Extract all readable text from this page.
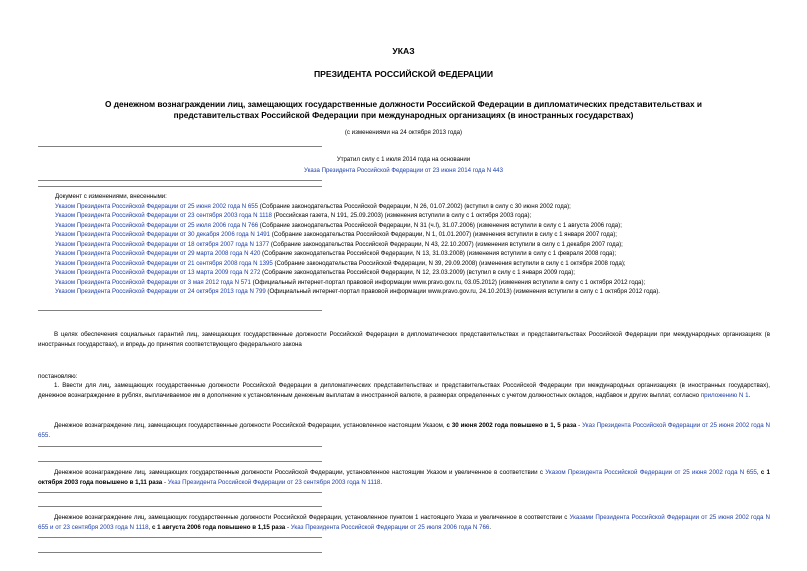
УКАЗ
ПРЕЗИДЕНТА РОССИЙСКОЙ ФЕДЕРАЦИИ
О денежном вознаграждении лиц, замещающих государственные должности Российской Федерации в дипломатических представительствах и
представительствах Российской Федерации при международных организациях (в иностранных государствах)
(с изменениями на 24 октября 2013 года)
Утратил силу с 1 июля 2014 года на основании
Указа Президента Российской Федерации от 23 июня 2014 года N 443
Документ с изменениями, внесенными:
Указом Президента Российской Федерации от 25 июня 2002 года N 655 (Собрание законодательства Российской Федерации, N 26, 01.07.2002) (вступил в силу с 30 июня 2002 года);
Указом Президента Российской Федерации от 23 сентября 2003 года N 1118 (Российская газета, N 191, 25.09.2003) (изменения вступили в силу с 1 октября 2003 года);
Указом Президента Российской Федерации от 25 июля 2006 года N 766 (Собрание законодательства Российской Федерации, N 31 (ч.I), 31.07.2006) (изменения вступили в силу с 1 августа 2006 года);
Указом Президента Российской Федерации от 30 декабря 2006 года N 1491 (Собрание законодательства Российской Федерации, N 1, 01.01.2007) (изменения вступили в силу с 1 января 2007 года);
Указом Президента Российской Федерации от 18 октября 2007 года N 1377 (Собрание законодательства Российской Федерации, N 43, 22.10.2007) (изменения вступили в силу с 1 декабря 2007 года);
Указом Президента Российской Федерации от 29 марта 2008 года N 420 (Собрание законодательства Российской Федерации, N 13, 31.03.2008) (изменения вступили в силу с 1 февраля 2008 года);
Указом Президента Российской Федерации от 21 сентября 2008 года N 1395 (Собрание законодательства Российской Федерации, N 39, 29.09.2008) (изменения вступили в силу с 1 октября 2008 года);
Указом Президента Российской Федерации от 13 марта 2009 года N 272 (Собрание законодательства Российской Федерации, N 12, 23.03.2009) (вступил в силу с 1 января 2009 года);
Указом Президента Российской Федерации от 3 мая 2012 года N 571 (Официальный интернет-портал правовой информации www.pravo.gov.ru, 03.05.2012) (изменения вступили в силу с 1 октября 2012 года);
Указом Президента Российской Федерации от 24 октября 2013 года N 799 (Официальный интернет-портал правовой информации www.pravo.gov.ru, 24.10.2013) (изменения вступили в силу с 1 октября 2012 года).
В целях обеспечения социальных гарантий лиц, замещающих государственные должности Российской Федерации в дипломатических представительствах и представительствах Российской Федерации при международных организациях (в иностранных государствах), и впредь до принятия соответствующего федерального закона
постановляю:
1. Ввести для лиц, замещающих государственные должности Российской Федерации в дипломатических представительствах и представительствах Российской Федерации при международных организациях (в иностранных государствах), денежное вознаграждение в рублях, выплачиваемое им в дополнение к установленным денежным выплатам в иностранной валюте, в размерах определенных с учетом должностных окладов, надбавок и других выплат, согласно приложению N 1.
Денежное вознаграждение лиц, замещающих государственные должности Российской Федерации, установленное настоящим Указом, с 30 июня 2002 года повышено в 1, 5 раза - Указ Президента Российской Федерации от 25 июня 2002 года N 655.
Денежное вознаграждение лиц, замещающих государственные должности Российской Федерации, установленное настоящим Указом и увеличенное в соответствии с Указом Президента Российской Федерации от 25 июня 2002 года N 655, с 1 октября 2003 года повышено в 1,11 раза - Указ Президента Российской Федерации от 23 сентября 2003 года N 1118.
Денежное вознаграждение лиц, замещающих государственные должности Российской Федерации, установленное пунктом 1 настоящего Указа и увеличенное в соответствии с Указами Президента Российской Федерации от 25 июня 2002 года N 655 и от 23 сентября 2003 года N 1118, с 1 августа 2006 года повышено в 1,15 раза - Указ Президента Российской Федерации от 25 июля 2006 года N 766.
